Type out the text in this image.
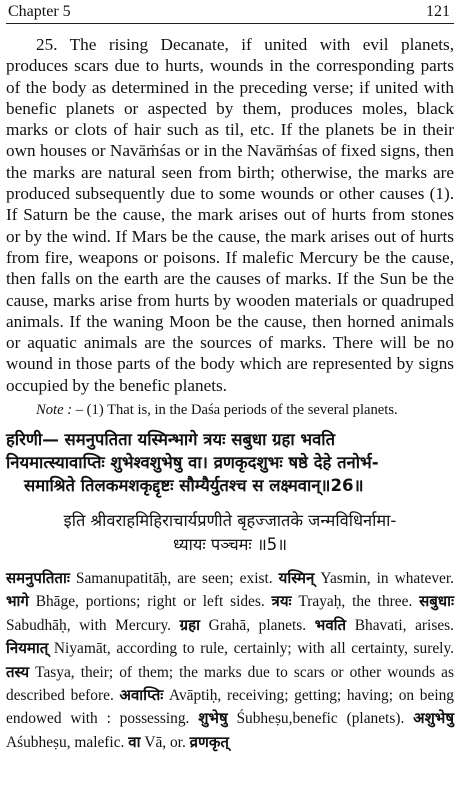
Chapter 5	121

25. The rising Decanate, if united with evil planets, produces scars due to hurts, wounds in the corresponding parts of the body as determined in the preceding verse; if united with benefic planets or aspected by them, produces moles, black marks or clots of hair such as til, etc. If the planets be in their own houses or Navāṁśas or in the Navāṁśas of fixed signs, then the marks are natural seen from birth; otherwise, the marks are produced subsequently due to some wounds or other causes (1). If Saturn be the cause, the mark arises out of hurts from stones or by the wind. If Mars be the cause, the mark arises out of hurts from fire, weapons or poisons. If malefic Mercury be the cause, then falls on the earth are the causes of marks. If the Sun be the cause, marks arise from hurts by wooden materials or quadruped animals. If the waning Moon be the cause, then horned animals or aquatic animals are the sources of marks. There will be no wound in those parts of the body which are represented by signs occupied by the benefic planets.

Note : – (1) That is, in the Daśa periods of the several planets.

हरिणी— समनुपतिता यस्मिन्भागे त्रयः सबुधा ग्रहा भवति
नियमात्स्यावाप्तिः शुभेश्वशुभेषु वा। व्रणकृदशुभः षष्ठे देहे तनोर्भ-
समाश्रिते तिलकमशकृद्दृष्टः सौम्यैर्युतश्च स लक्ष्मवान्॥26॥
इति श्रीवराहमिहिराचार्यप्रणीते बृहज्जातके जन्मविधिर्नामा-
ध्यायः पञ्चमः ॥5॥

समनुपतिताः Samanupatitāḥ, are seen; exist. यस्मिन् Yasmin, in whatever. भागे Bhāge, portions; right or left sides. त्रयः Trayaḥ, the three. सबुधाः Sabudhāḥ, with Mercury. ग्रहा Grahā, planets. भवति Bhavati, arises. नियमात् Niyamāt, according to rule, certainly; with all certainty, surely. तस्य Tasya, their; of them; the marks due to scars or other wounds as described before. अवाप्तिः Avāptiḥ, receiving; getting; having; on being endowed with : possessing. शुभेषु Śubheṣu,benefic (planets). अशुभेषु Aśubheṣu, malefic. वा Vā, or. व्रणकृत्
